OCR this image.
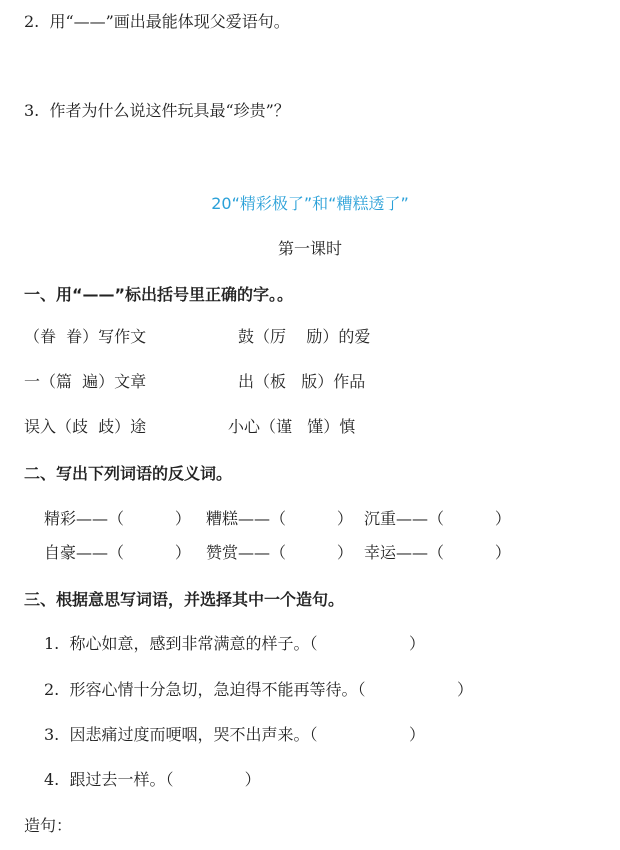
2.  用“——”画出最能体现父爱语句。
3.  作者为什么说这件玩具最“珍贵”？
20“精彩极了”和“糟糕透了”
第一课时
一、用“——”标出括号里正确的字。。
（眷  眷）写作文	鼓（厉    励）的爱
一（篇  遍）文章	出（板   版）作品
误入（歧  歧）途	小心（谨   馑）慎
二、写出下列词语的反义词。
精彩——（          ） 糟糕——（          ） 沉重——（          ）
自豪——（          ） 赞赏——（          ） 幸运——（          ）
三、根据意思写词语，并选择其中一个造句。
1.  称心如意，感到非常满意的样子。（                  ）
2.  形容心情十分急切，急迫得不能再等待。（                  ）
3.  因悲痛过度而哽咽，哭不出声来。（                  ）
4.  跟过去一样。（              ）
造句：
